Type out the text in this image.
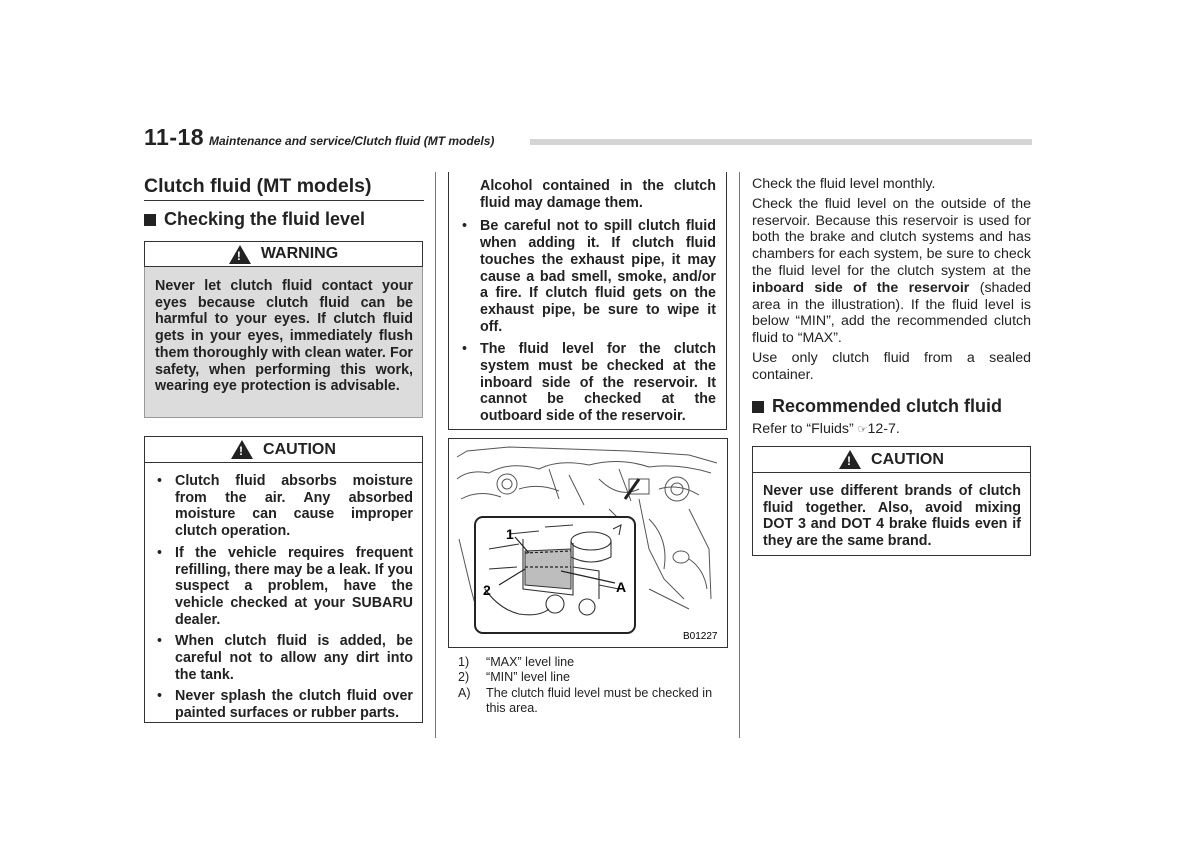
11-18 Maintenance and service/Clutch fluid (MT models)
Clutch fluid (MT models)
Checking the fluid level
! WARNING
Never let clutch fluid contact your eyes because clutch fluid can be harmful to your eyes. If clutch fluid gets in your eyes, immediately flush them thoroughly with clean water. For safety, when performing this work, wearing eye protection is advisable.
! CAUTION
• Clutch fluid absorbs moisture from the air. Any absorbed moisture can cause improper clutch operation.
• If the vehicle requires frequent refilling, there may be a leak. If you suspect a problem, have the vehicle checked at your SUBARU dealer.
• When clutch fluid is added, be careful not to allow any dirt into the tank.
• Never splash the clutch fluid over painted surfaces or rubber parts.
Alcohol contained in the clutch fluid may damage them.
• Be careful not to spill clutch fluid when adding it. If clutch fluid touches the exhaust pipe, it may cause a bad smell, smoke, and/or a fire. If clutch fluid gets on the exhaust pipe, be sure to wipe it off.
• The fluid level for the clutch system must be checked at the inboard side of the reservoir. It cannot be checked at the outboard side of the reservoir.
1
2	A
B01227
1)	“MAX” level line
2)	“MIN” level line
A)	The clutch fluid level must be checked in this area.
Check the fluid level monthly.
Check the fluid level on the outside of the reservoir. Because this reservoir is used for both the brake and clutch systems and has chambers for each system, be sure to check the fluid level for the clutch system at the inboard side of the reservoir (shaded area in the illustration). If the fluid level is below “MIN”, add the recommended clutch fluid to “MAX”.
Use only clutch fluid from a sealed container.
Recommended clutch fluid
Refer to “Fluids” ☞12-7.
! CAUTION
Never use different brands of clutch fluid together. Also, avoid mixing DOT 3 and DOT 4 brake fluids even if they are the same brand.
